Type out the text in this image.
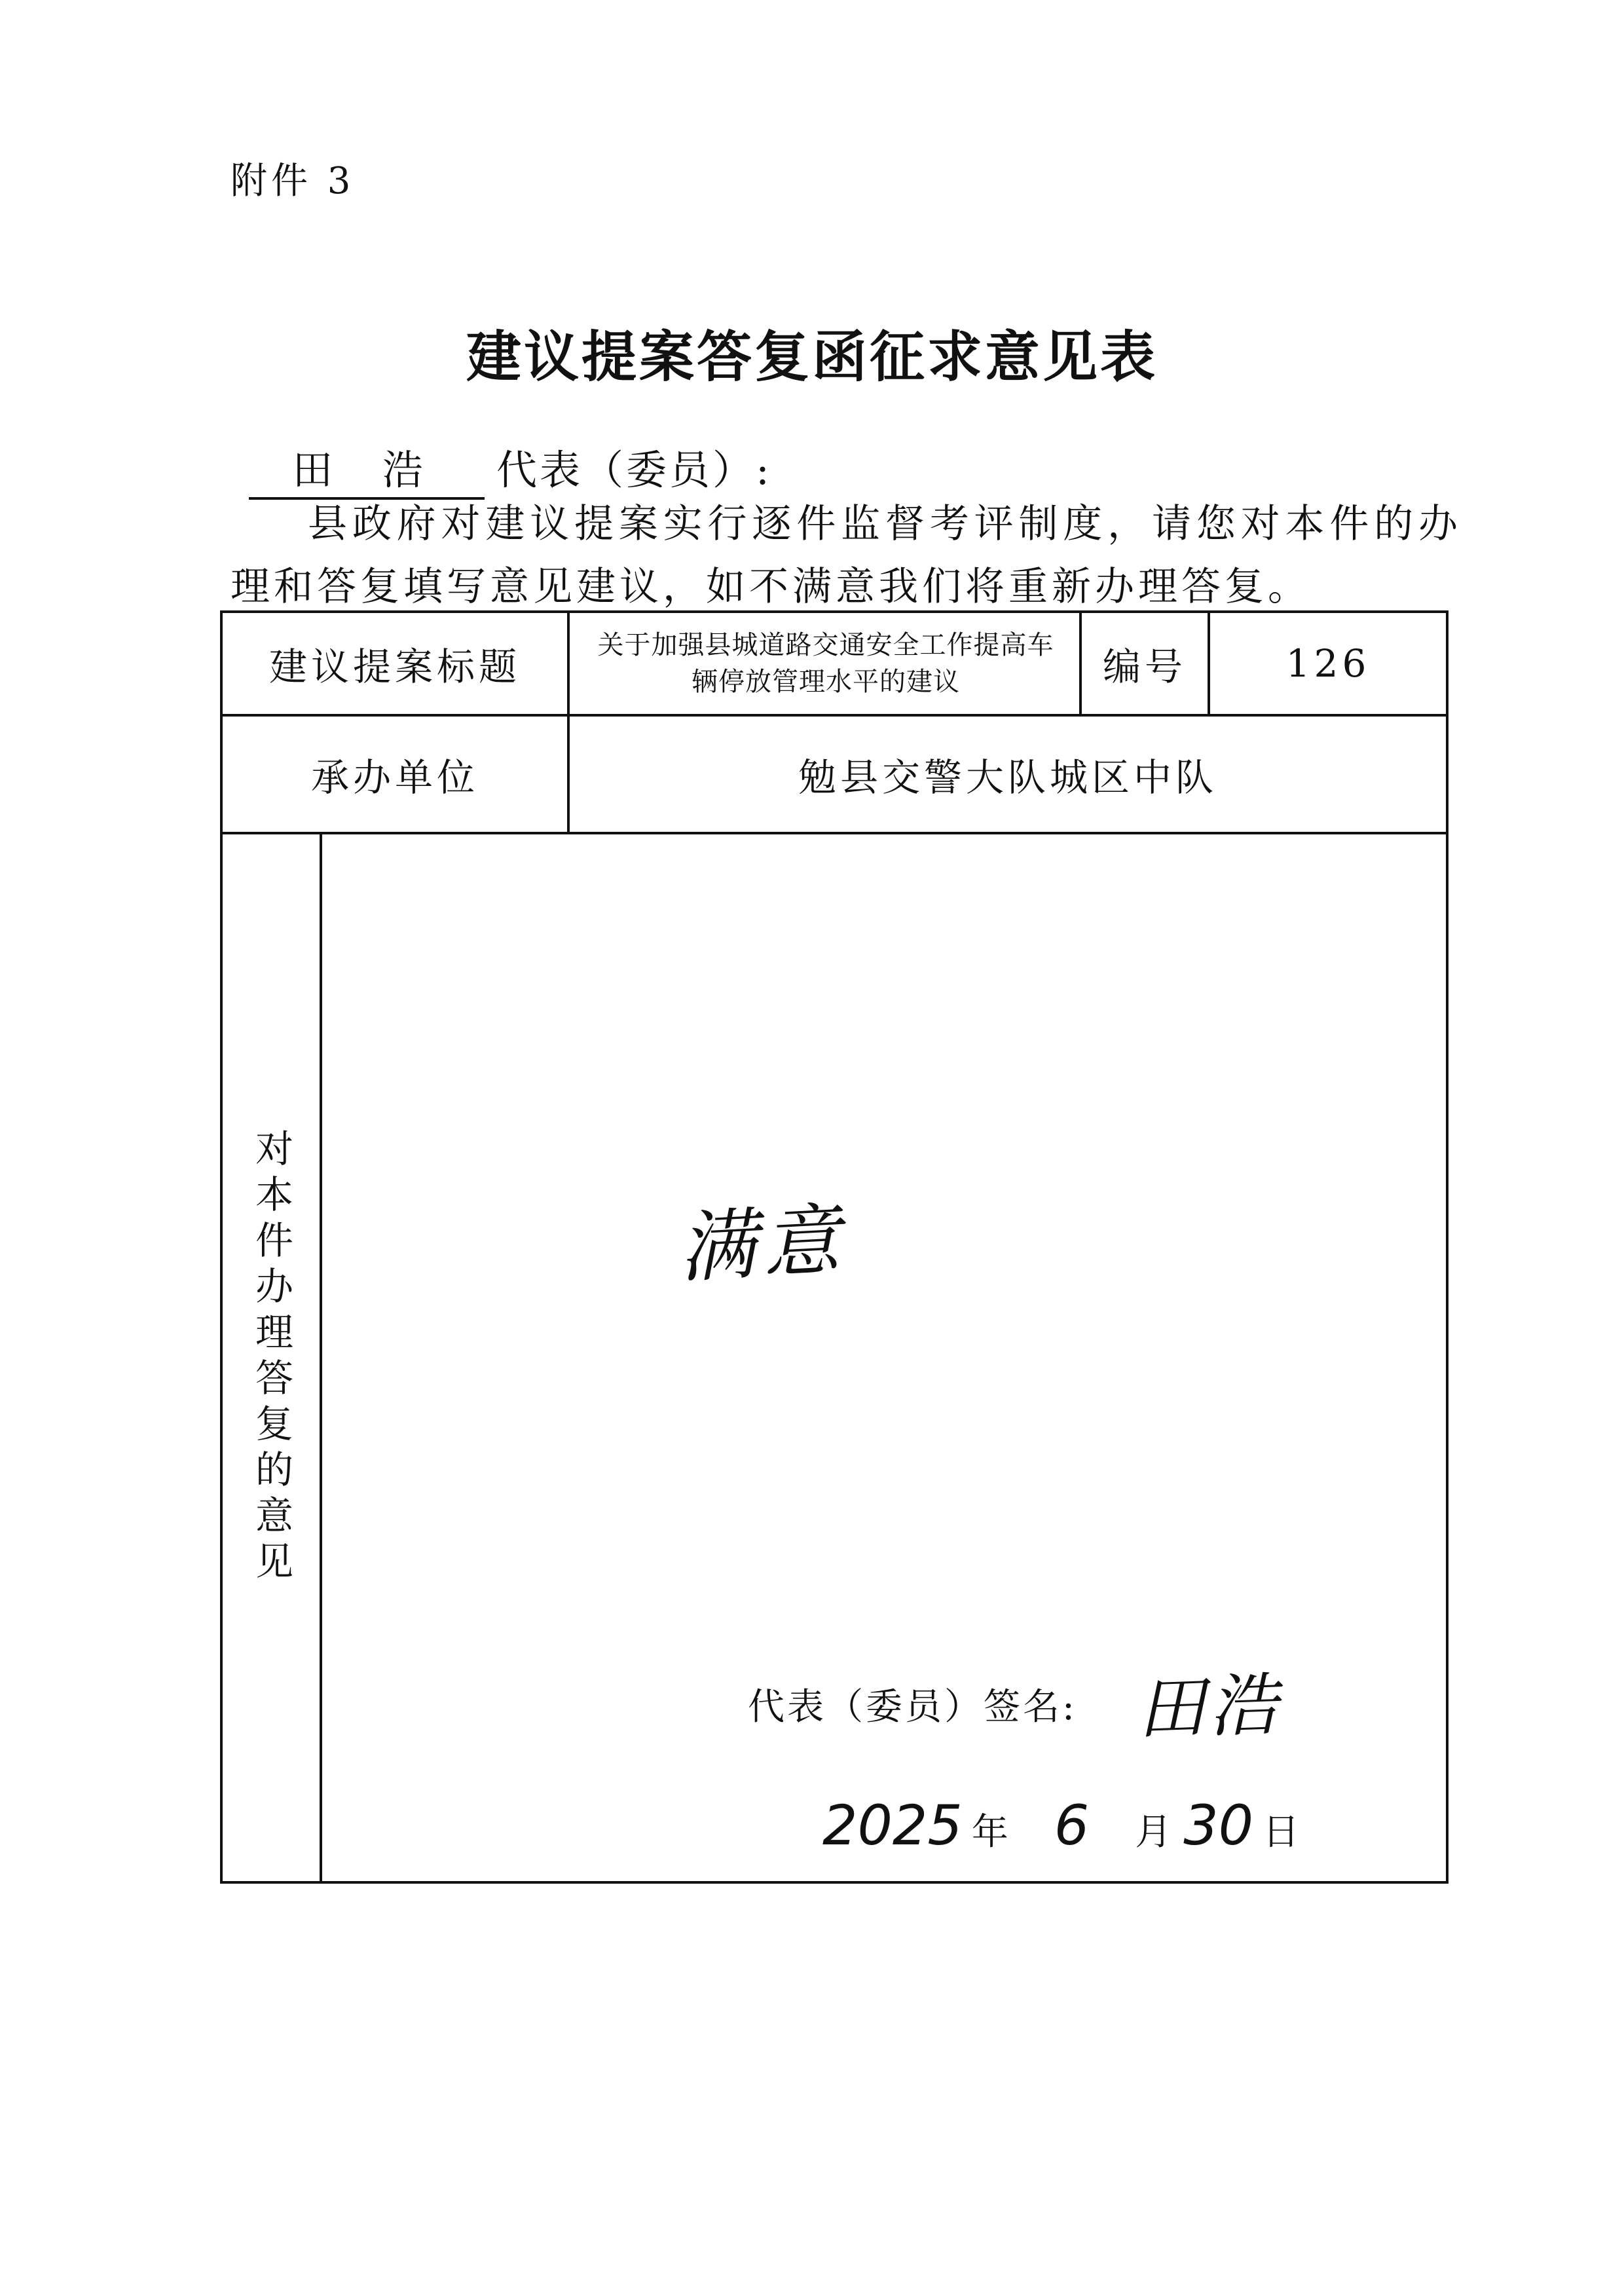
附件 3
建议提案答复函征求意见表
田 浩 代表（委员）:
县政府对建议提案实行逐件监督考评制度，请您对本件的办理和答复填写意见建议，如不满意我们将重新办理答复。
建议提案标题	关于加强县城道路交通安全工作提高车辆停放管理水平的建议	编号	126
承办单位	勉县交警大队城区中队
对本件办理答复的意见	满意
代表（委员）签名: 田浩
2025 年 6 月 30 日
